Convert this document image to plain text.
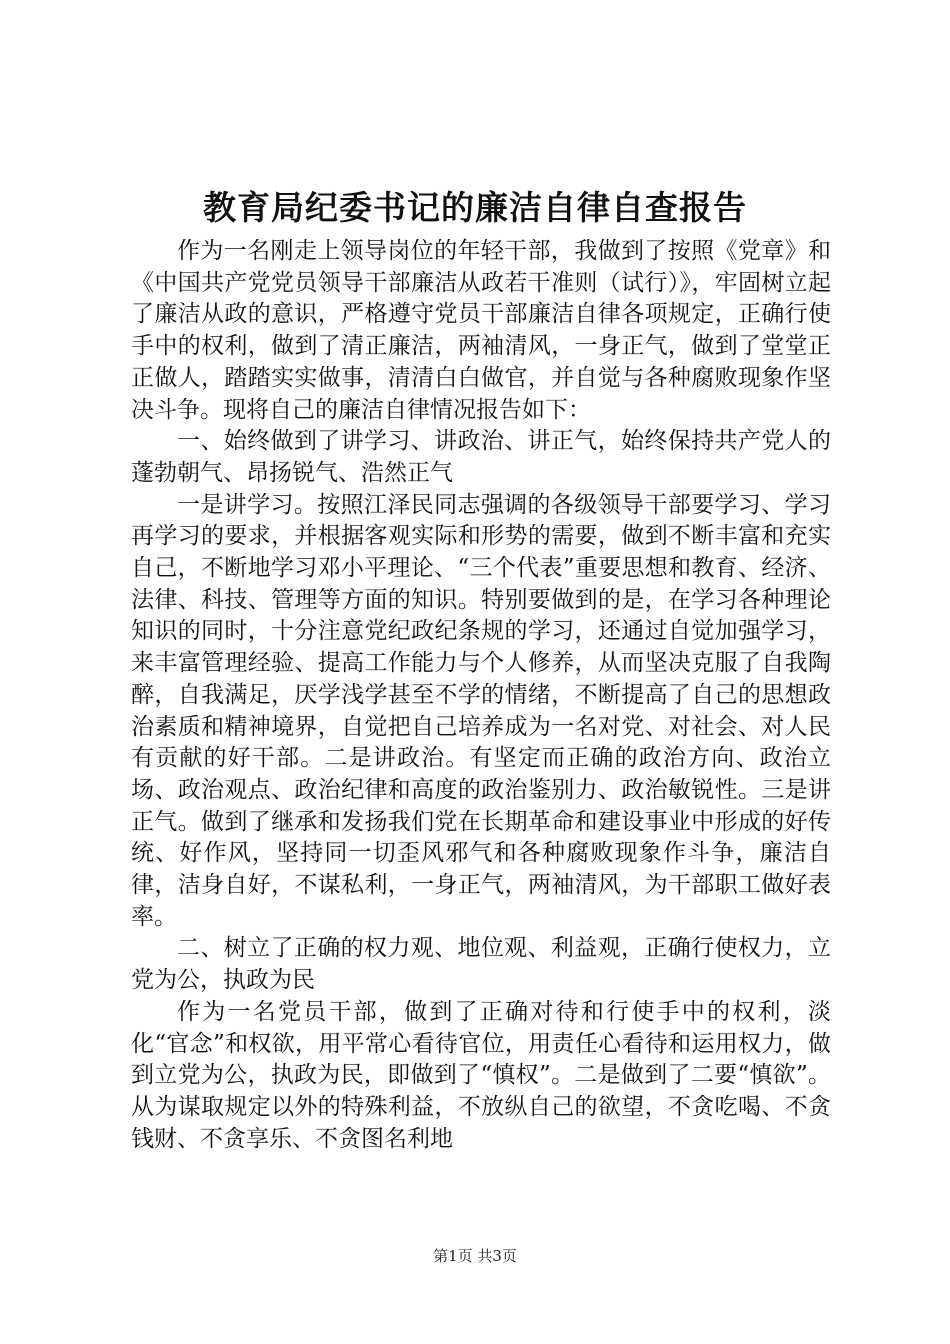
教育局纪委书记的廉洁自律自查报告

作为一名刚走上领导岗位的年轻干部，我做到了按照《党章》和《中国共产党党员领导干部廉洁从政若干准则（试行）》，牢固树立起了廉洁从政的意识，严格遵守党员干部廉洁自律各项规定，正确行使手中的权利，做到了清正廉洁，两袖清风，一身正气，做到了堂堂正正做人，踏踏实实做事，清清白白做官，并自觉与各种腐败现象作坚决斗争。现将自己的廉洁自律情况报告如下：

一、始终做到了讲学习、讲政治、讲正气，始终保持共产党人的蓬勃朝气、昂扬锐气、浩然正气

一是讲学习。按照江泽民同志强调的各级领导干部要学习、学习再学习的要求，并根据客观实际和形势的需要，做到不断丰富和充实自己，不断地学习邓小平理论、“三个代表”重要思想和教育、经济、法律、科技、管理等方面的知识。特别要做到的是，在学习各种理论知识的同时，十分注意党纪政纪条规的学习，还通过自觉加强学习，来丰富管理经验、提高工作能力与个人修养，从而坚决克服了自我陶醉，自我满足，厌学浅学甚至不学的情绪，不断提高了自己的思想政治素质和精神境界，自觉把自己培养成为一名对党、对社会、对人民有贡献的好干部。二是讲政治。有坚定而正确的政治方向、政治立场、政治观点、政治纪律和高度的政治鉴别力、政治敏锐性。三是讲正气。做到了继承和发扬我们党在长期革命和建设事业中形成的好传统、好作风，坚持同一切歪风邪气和各种腐败现象作斗争，廉洁自律，洁身自好，不谋私利，一身正气，两袖清风，为干部职工做好表率。

二、树立了正确的权力观、地位观、利益观，正确行使权力，立党为公，执政为民

作为一名党员干部，做到了正确对待和行使手中的权利，淡化“官念”和权欲，用平常心看待官位，用责任心看待和运用权力，做到立党为公，执政为民，即做到了“慎权”。二是做到了二要“慎欲”。从为谋取规定以外的特殊利益，不放纵自己的欲望，不贪吃喝、不贪钱财、不贪享乐、不贪图名利地

第1页 共3页
